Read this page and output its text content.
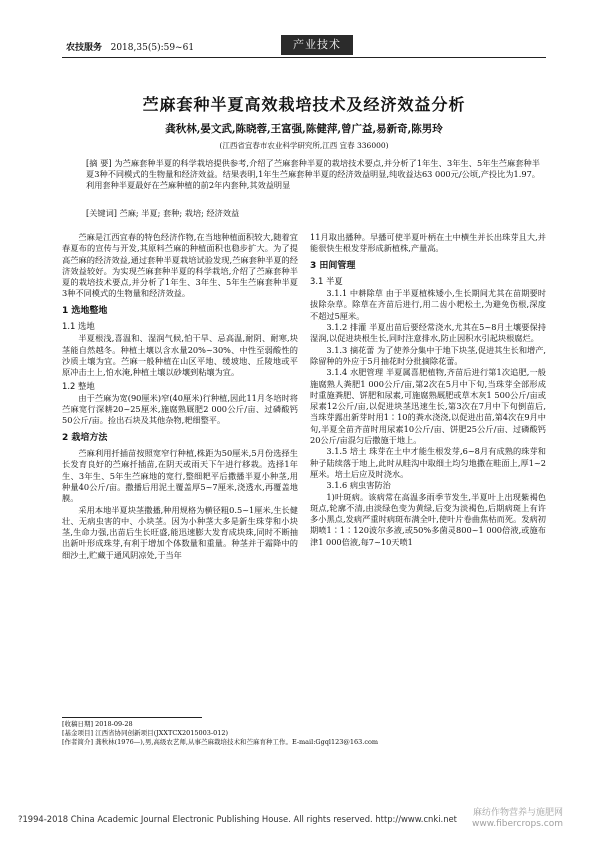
农技服务 2018,35(5):59~61	产业技术
苎麻套种半夏高效栽培技术及经济效益分析
龚秋林,晏文武,陈晓蓉,王富强,陈健萍,曾广益,易新奇,陈男玲
(江西省宜春市农业科学研究所,江西 宜春 336000)
[摘 要] 为苎麻套种半夏的科学栽培提供参考,介绍了苎麻套种半夏的栽培技术要点,并分析了1年生、3年生、5年生苎麻套种半夏3种不同模式的生物量和经济效益。结果表明,1年生苎麻套种半夏的经济效益明显,纯收益达63 000元/公顷,产投比为1.97。利用套种半夏最好在苎麻种植的前2年内套种,其效益明显
[关键词] 苎麻; 半夏; 套种; 栽培; 经济效益

苎麻是江西宜春的特色经济作物,在当地种植面积较大,随着宜春夏布的宣传与开发,其原料苎麻的种植面积也稳步扩大。为了提高苎麻的经济效益,通过套种半夏栽培试验发现,苎麻套种半夏的经济效益较好。为实现苎麻套种半夏的科学栽培,介绍了苎麻套种半夏的栽培技术要点,并分析了1年生、3年生、5年生苎麻套种半夏3种不同模式的生物量和经济效益。

1 选地整地

1.1 选地

半夏根浅,喜温和、湿润气候,怕干旱、忌高温,耐阴、耐寒,块茎能自然越冬。种植土壤以含水量20%~30%、中性至弱酸性的沙质土壤为宜。苎麻一般种植在山区平地、缓坡地、丘陵地或平原冲击土上,怕水淹,种植土壤以砂壤到粘壤为宜。

1.2 整地

由于苎麻为宽(90厘米)窄(40厘米)行种植,因此11月冬培时将苎麻宽行深耕20~25厘米,施腐熟厩肥2 000公斤/亩、过磷酸钙50公斤/亩。捡出石块及其他杂物,耙细整平。

2 栽培方法

苎麻利用扦插苗按照宽窄行种植,株距为50厘米,5月份选择生长发育良好的苎麻扦插苗,在阴天或雨天下午进行移栽。选择1年生、3年生、5年生苎麻地的宽行,整细耙平后撒播半夏小种茎,用种量40公斤/亩。撒播后用泥土覆盖厚5~7厘米,浇透水,再覆盖地膜。

采用本地半夏块茎撒播,种用规格为横径粗0.5~1厘米,生长健壮、无病虫害的中、小块茎。因为小种茎大多是新生珠芽和小块茎,生命力强,出苗后生长旺盛,能迅速膨大发育成块珠,同时不断抽出新叶形成珠芽,有利于增加个体数量和重量。种茎并于霜降中的细沙土,贮藏于通风阴凉处,于当年

11月取出播种。早播可使半夏叶柄在土中横生并长出珠芽且大,并能很快生根发芽形成新植株,产量高。

3 田间管理

3.1 半夏

3.1.1 中耕除草 由于半夏植株矮小,生长期间尤其在苗期要时拔除杂草。除草在齐苗后进行,用二齿小耙松土,为避免伤根,深度不超过5厘米。

3.1.2 排灌 半夏出苗后要经常浇水,尤其在5~8月土壤要保持湿润,以促进块根生长,同时注意排水,防止因积水引起块根腐烂。

3.1.3 摘花蕾 为了使养分集中于地下块茎,促进其生长和增产,除留种的外应于5月抽花时分批摘除花蕾。

3.1.4 水肥管理 半夏属喜肥植物,齐苗后进行第1次追肥,一般施腐熟人粪肥1 000公斤/亩,第2次在5月中下旬,当珠芽全部形成时重施粪肥、饼肥和尿素,可施腐熟厩肥或草木灰1 500公斤/亩或尿素12公斤/亩,以促进块茎迅速生长,第3次在7月中下旬倒苗后,当珠芽露出新芽时用1∶10的粪水浇浇,以促进出苗,第4次在9月中旬,半夏全苗齐苗时用尿素10公斤/亩、饼肥25公斤/亩、过磷酸钙20公斤/亩混匀后撒施于地上。

3.1.5 培土 珠芽在土中才能生根发芽,6~8月有成熟的珠芽和种子陆续落于地上,此时从畦沟中取细土均匀地撒在畦面上,厚1~2厘米。培土后应及时浇水。

3.1.6 病虫害防治

1)叶斑病。该病常在高温多雨季节发生,半夏叶上出现紫褐色斑点,轮廓不清,由淡绿色变为黄绿,后变为淡褐色,后期病斑上有许多小黑点,发病严重时病斑布满全叶,使叶片卷曲焦枯而死。发病初期喷1∶1∶120波尔多液,或50%多菌灵800~1 000倍液,或施布津1 000倍液,每7~10天喷1

[收稿日期] 2018-09-28
[基金项目] 江西省协同创新项目(JXXTCX2015003-012)
[作者简介] 龚秋林(1976—),男,高级农艺师,从事苎麻栽培技术和苎麻育种工作。E-mail:Ggql123@163.com
?1994-2018 China Academic Journal Electronic Publishing House. All rights reserved. http://www.cnki.net
麻纺作物营养与施肥网
www.fibercrops.com
